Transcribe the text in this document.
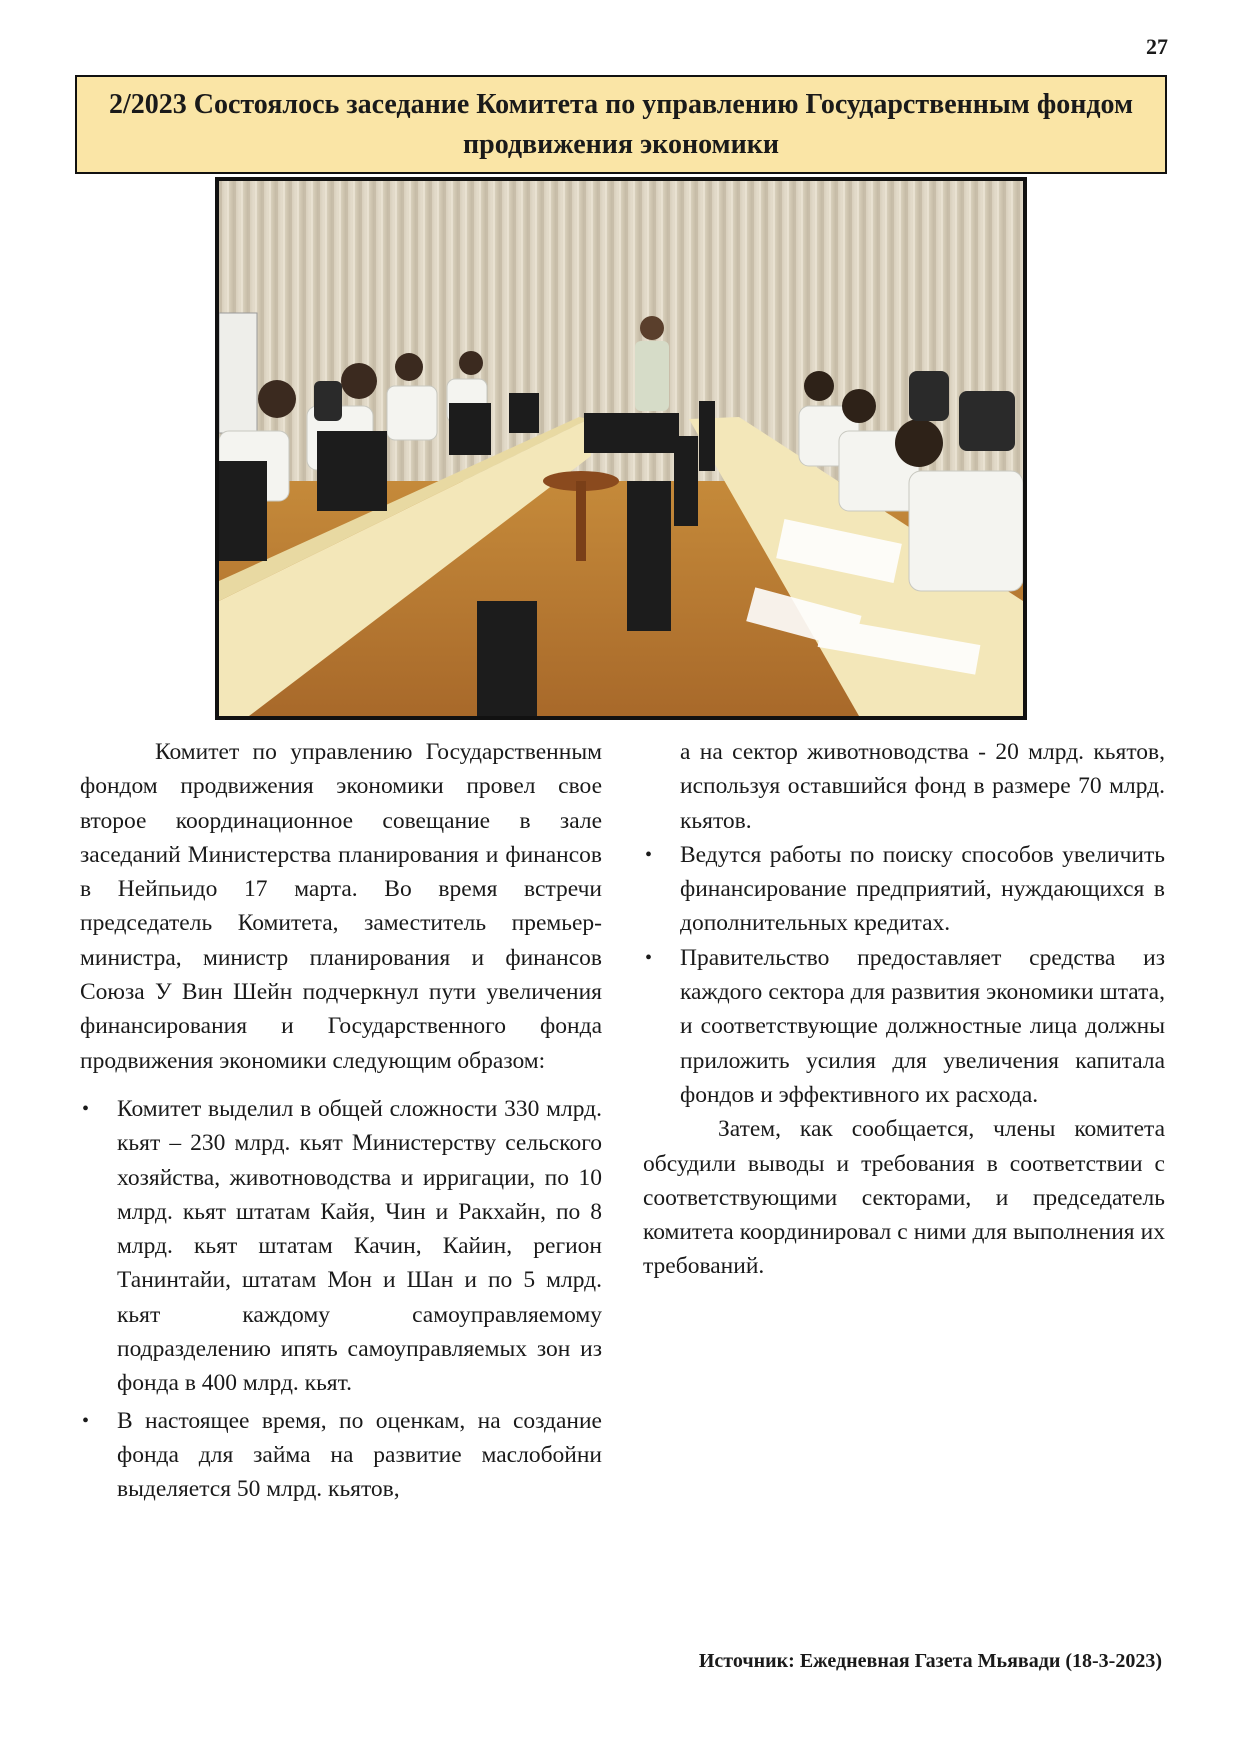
27
2/2023 Состоялось заседание Комитета по управлению Государственным фондом продвижения экономики

Комитет по управлению Государственным фондом продвижения экономики провел свое второе координационное совещание в зале заседаний Министерства планирования и финансов в Нейпьидо 17 марта. Во время встречи председатель Комитета, заместитель премьер-министра, министр планирования и финансов Союза У Вин Шейн подчеркнул пути увеличения финансирования и Государственного фонда продвижения экономики следующим образом:

• Комитет выделил в общей сложности 330 млрд. кьят – 230 млрд. кьят Министерству сельского хозяйства, животноводства и ирригации, по 10 млрд. кьят штатам Кайя, Чин и Ракхайн, по 8 млрд. кьят штатам Качин, Кайин, регион Танинтайи, штатам Мон и Шан и по 5 млрд. кьят каждому самоуправляемому подразделению ипять самоуправляемых зон из фонда в 400 млрд. кьят.
• В настоящее время, по оценкам, на создание фонда для займа на развитие маслобойни выделяется 50 млрд. кьятов,
а на сектор животноводства - 20 млрд. кьятов, используя оставшийся фонд в размере 70 млрд. кьятов.
• Ведутся работы по поиску способов увеличить финансирование предприятий, нуждающихся в дополнительных кредитах.
• Правительство предоставляет средства из каждого сектора для развития экономики штата, и соответствующие должностные лица должны приложить усилия для увеличения капитала фондов и эффективного их расхода.

Затем, как сообщается, члены комитета обсудили выводы и требования в соответствии с соответствующими секторами, и председатель комитета координировал с ними для выполнения их требований.

Источник: Ежедневная Газета Мьявади (18-3-2023)
